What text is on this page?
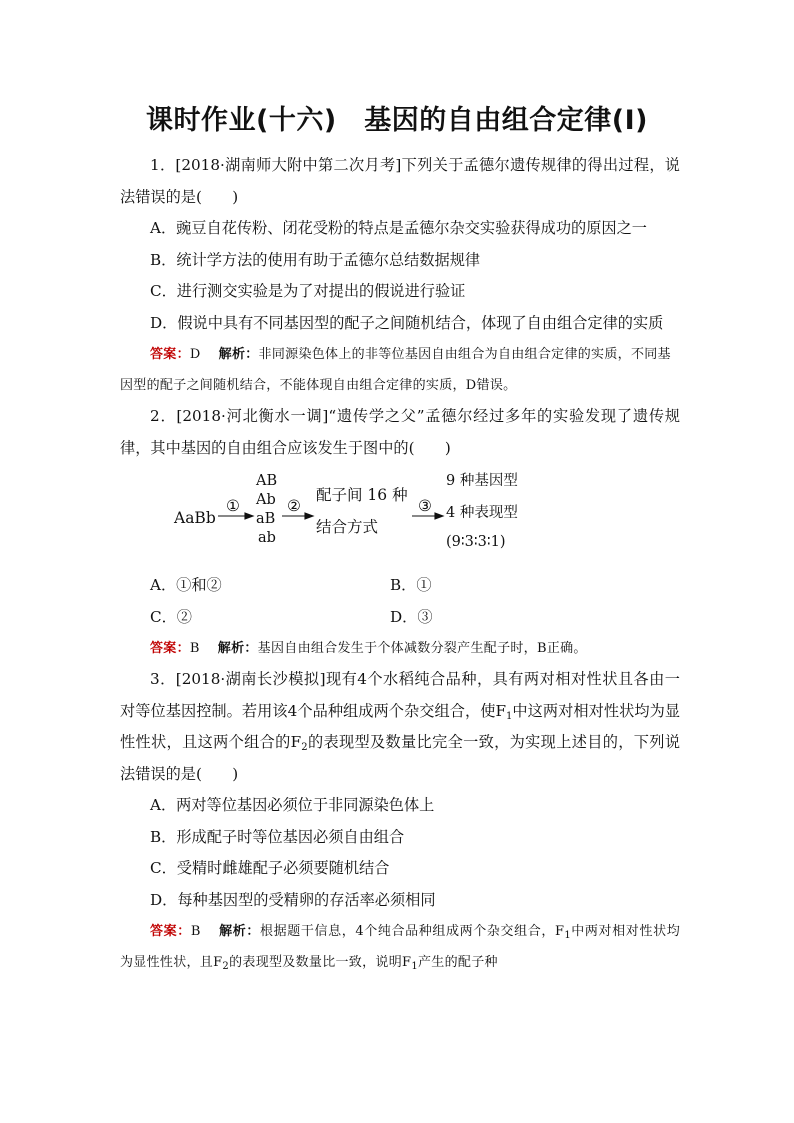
课时作业(十六)　基因的自由组合定律(Ⅰ)

1．[2018·湖南师大附中第二次月考]下列关于孟德尔遗传规律的得出过程，说法错误的是(　　)

A．豌豆自花传粉、闭花受粉的特点是孟德尔杂交实验获得成功的原因之一

B．统计学方法的使用有助于孟德尔总结数据规律

C．进行测交实验是为了对提出的假说进行验证

D．假说中具有不同基因型的配子之间随机结合，体现了自由组合定律的实质

答案：D 解析：非同源染色体上的非等位基因自由组合为自由组合定律的实质，不同基因型的配子之间随机结合，不能体现自由组合定律的实质，D错误。

2．[2018·河北衡水一调]“遗传学之父”孟德尔经过多年的实验发现了遗传规律，其中基因的自由组合应该发生于图中的(　　)

AaBb
①
AB
Ab
aB
ab
②
配子间 16 种
结合方式
③
9 种基因型
4 种表现型
(9∶3∶3∶1)
A．①和②	B．①
C．②	D．③

答案：B 解析：基因自由组合发生于个体减数分裂产生配子时，B正确。

3．[2018·湖南长沙模拟]现有4个水稻纯合品种，具有两对相对性状且各由一对等位基因控制。若用该4个品种组成两个杂交组合，使$F_1$中这两对相对性状均为显性性状，且这两个组合的$F_2$的表现型及数量比完全一致，为实现上述目的，下列说法错误的是(　　)

A．两对等位基因必须位于非同源染色体上

B．形成配子时等位基因必须自由组合

C．受精时雌雄配子必须要随机结合

D．每种基因型的受精卵的存活率必须相同

答案：B 解析：根据题干信息，4个纯合品种组成两个杂交组合，$F_1$中两对相对性状均为显性性状，且$F_2$的表现型及数量比一致，说明$F_1$产生的配子种
